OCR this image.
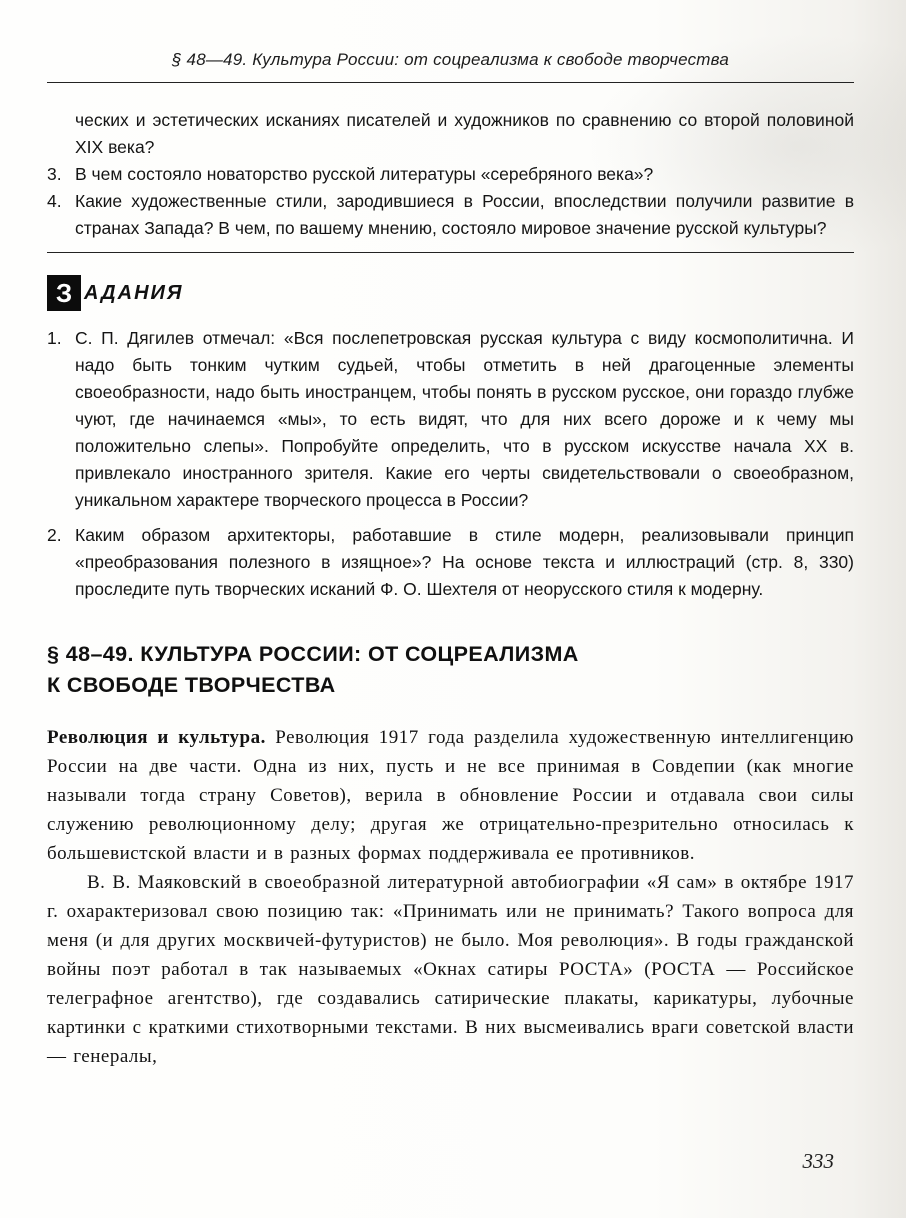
§ 48—49. Культура России: от соцреализма к свободе творчества

ческих и эстетических исканиях писателей и художников по сравнению со второй половиной XIX века?

3. В чем состояло новаторство русской литературы «серебряного века»?
4. Какие художественные стили, зародившиеся в России, впоследствии получили развитие в странах Запада? В чем, по вашему мнению, состояло мировое значение русской культуры?
З АДАНИЯ
1. С. П. Дягилев отмечал: «Вся послепетровская русская культура с виду космополитична. И надо быть тонким чутким судьей, чтобы отметить в ней драгоценные элементы своеобразности, надо быть иностранцем, чтобы понять в русском русское, они гораздо глубже чуют, где начинаемся «мы», то есть видят, что для них всего дороже и к чему мы положительно слепы». Попробуйте определить, что в русском искусстве начала XX в. привлекало иностранного зрителя. Какие его черты свидетельствовали о своеобразном, уникальном характере творческого процесса в России?
2. Каким образом архитекторы, работавшие в стиле модерн, реализовывали принцип «преобразования полезного в изящное»? На основе текста и иллюстраций (стр. 8, 330) проследите путь творческих исканий Ф. О. Шехтеля от неорусского стиля к модерну.
§ 48–49. КУЛЬТУРА РОССИИ: ОТ СОЦРЕАЛИЗМА
К СВОБОДЕ ТВОРЧЕСТВА

Революция и культура. Революция 1917 года разделила художественную интеллигенцию России на две части. Одна из них, пусть и не все принимая в Совдепии (как многие называли тогда страну Советов), верила в обновление России и отдавала свои силы служению революционному делу; другая же отрицательно-презрительно относилась к большевистской власти и в разных формах поддерживала ее противников.

В. В. Маяковский в своеобразной литературной автобиографии «Я сам» в октябре 1917 г. охарактеризовал свою позицию так: «Принимать или не принимать? Такого вопроса для меня (и для других москвичей-футуристов) не было. Моя революция». В годы гражданской войны поэт работал в так называемых «Окнах сатиры РОСТА» (РОСТА — Российское телеграфное агентство), где создавались сатирические плакаты, карикатуры, лубочные картинки с краткими стихотворными текстами. В них высмеивались враги советской власти — генералы,

333
